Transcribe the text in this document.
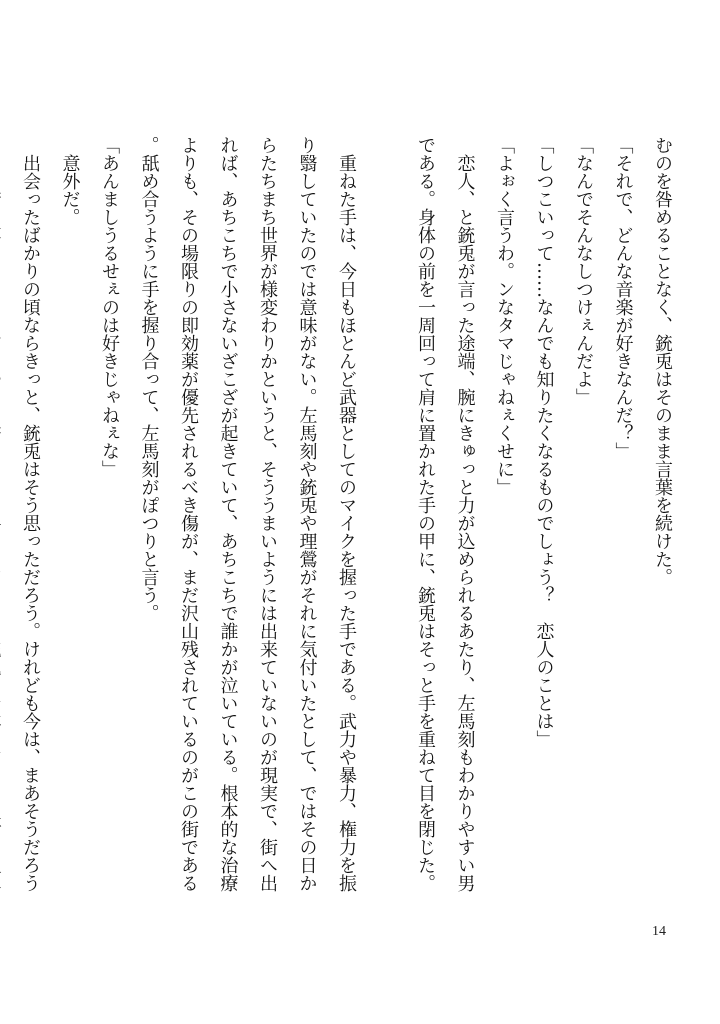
むのを咎めることなく、銃兎はそのまま言葉を続けた。

「それで、どんな音楽が好きなんだ？」

「なんでそんなしつけぇんだよ」

「しつこいって……なんでも知りたくなるものでしょう？　恋人のことは」

「よぉく言うわ。ンなタマじゃねぇくせに」

　恋人、と銃兎が言った途端、腕にきゅっと力が込められるあたり、左馬刻もわかりやすい男である。身体の前を一周回って肩に置かれた手の甲に、銃兎はそっと手を重ねて目を閉じた。

　重ねた手は、今日もほとんど武器としてのマイクを握った手である。武力や暴力、権力を振り翳していたのでは意味がない。左馬刻や銃兎や理鶯がそれに気付いたとして、ではその日からたちまち世界が様変わりかというと、そううまいようには出来ていないのが現実で、街へ出れば、あちこちで小さないざこざが起きていて、あちこちで誰かが泣いている。根本的な治療よりも、その場限りの即効薬が優先されるべき傷が、まだ沢山残されているのがこの街である。舐め合うように手を握り合って、左馬刻がぽつりと言う。

「あんましうるせぇのは好きじゃねぇな」

　意外だ。

　出会ったばかりの頃ならきっと、銃兎はそう思っただろう。けれども今は、まあそうだろう

14
